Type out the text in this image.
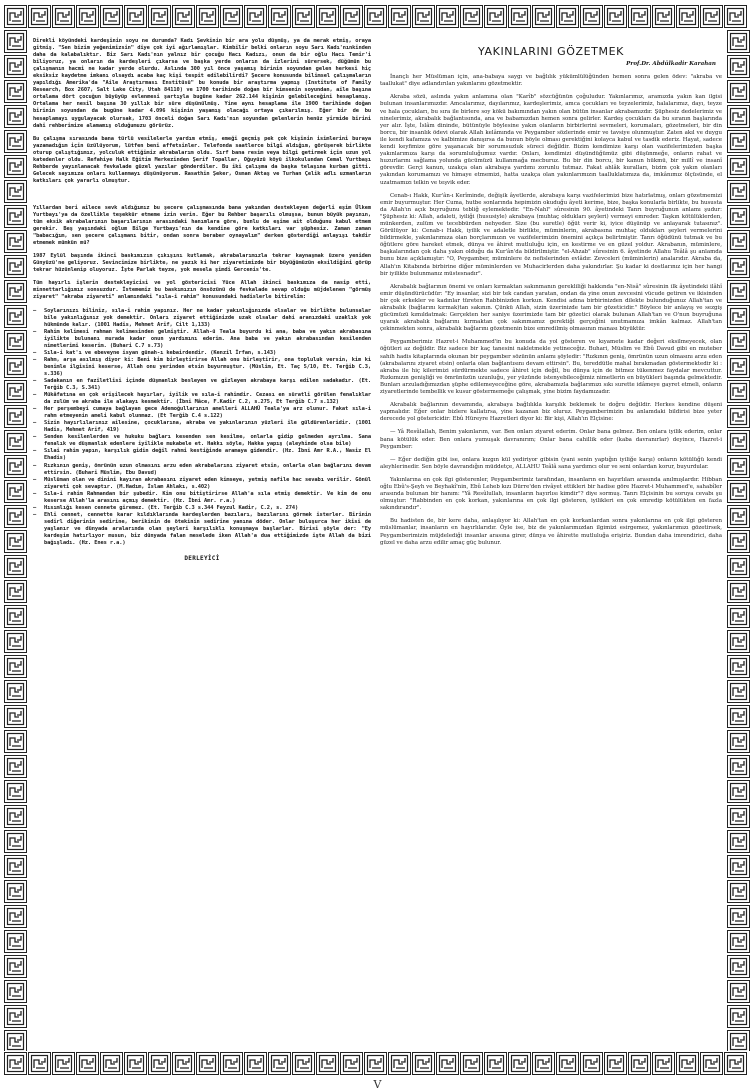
Direkli köyündeki kardeşinin soyu ne durumda? Kadı Şevkinin bir ara yolu düşmüş, ya da merak etmiş, oraya gitmiş. "Sen bizim yeğenimizsin" diye çok iyi ağırlamışlar. Kimbilir belki onların soyu Sarı Kadı'nınkinden daha da kalabalıktır. Biz Sarı Kadı'nın yalnız bir çocuğu Hacı Kadızı, onun da bir oğlu Hacı Temir'i biliyoruz, ya onların da kardeşleri çıkarsa ve başka yerde onların da izlerini sürersek, düğümün bu çalışmanın hacmi ne kadar yerde olurdu. Aslında 300 yıl önce yaşamış birinin soyundan gelen herkesi hiç eksiksiz kaydetme imkanı olsaydı acaba kaç kişi tespit edilebilirdi? Şecere konusunda bilimsel çalışmaların yapıldığı Amerika'da "Aile Araştırması Enstitüsü" bu konuda bir araştırma yapmış (Institute of Family Research, Box 2607, Salt Lake City, Utah 84110) ve 1700 tarihinde doğan bir kimsenin soyundan, aile başına ortalama dört çocuğun büyüyüp evlenmesi şartıyla bugüne kadar 262.144 kişinin gelebileceğini hesaplamış. Ortalama her nesil başına 30 yıllık bir süre düşünülmüş. Yine aynı hesaplama ile 1900 tarihinde doğan birinin soyundan da bugüne kadar 4.096 kişinin yaşamış olacağı ortaya çıkarılmış. Eğer bir de bu hesaplamayı uygulayacak olursak, 1703 önceli doğan Sarı Kadı'nın soyundan gelenlerin henüz yirmide birini dahi rehberimize alamamış olduğumuzu görürüz.

Bu çalışma sırasında bana türlü vesilelerle yardım etmiş, emeği geçmiş pek çok kişinin isimlerini buraya yazamadığım için üzülüyorum, lütfen beni affetsinler. Telefonda saatlerce bilgi aldığım, görüşerek birlikte oturup çalıştığımız, yolculuk ettiğimiz akrabalarım oldu. Sırf bana resim veya bilgi getirmek için uzun yol katedenler oldu. Refahiye Halk Eğitim Merkezinden Şerif Topallar, Oğuyüzü köyü ilkokulundan Cemal Yurtbaşı Rehberde yayınlanacak fevkalade güzel yazılar gönderdiler. Bu iki çalışma da başka telaşına kurban gitti. Gelecek sayımıza onları kullanmayı düşünüyorum. Rasathin Şeker, Osman Aktaş ve Turhan Çelik adlı uzmanların katkıları çok yararlı olmuştur.

Yıllardan beri ailece sevk aldığımız bu şecere çalışmasında bana yakından destekleyen değerli eşim Ülkem Yurtbayı'ya da özellikle teşekkür etmeme izin verin. Eğer bu Rehber başarılı olmuşsa, bunun büyük payının, tüm eksik akrabalarının başarılarının arasındaki hanımlara göre, bunlu de eşime ait olduğunu kabul etmem gerekir. Beş yaşındaki oğlum Bilge Yurtbayı'nın da kendine göre katkıları var şüphesiz. Zaman zaman "babacığım, sen şecere çalışmanı bitir, ondan sonra beraber oynayalım" derken gösterdiği anlayışı takdir etmemek mümkün mü?

1987 Eylül başında ikinci baskımızın çıkışını kutlamak, akrabalarımızla tekrar kaynaşmak üzere yeniden Günyüzü'ne geliyoruz. Sevincimize birlikte, ne yazık ki her ziyaretimizde bir büyüğümüzün eksildiğini görüp tekrar hüzünlenip oluyoruz. İşte Parlak teyze, yok mesela şimdi Gercenis'te.

Tüm hayırlı işlerin destekleyicisi ve yol göstericisi Yüce Allah ikinci baskımıza da nasip etti, minnettarlığımız sonsuzdur. İstememiz bu baskımızın önsözünü de fevkalade sevap olduğu müjdelenen "görmüş ziyaret" "akraba ziyareti" anlamındaki "sıla-i rahim" konusundaki hadislerle bitirelim:

— Soylarınızı biliniz, sıla-i rahim yapınız. Her ne kadar yakınlığınızda olsalar ve birlikte bulunsalar bile yakınlığınız yok demektir. Onları ziyaret ettiğinizde uzak olsalar dahi aranızdaki uzaklık yok hükmünde kalır. (1001 Hadis, Mehmet Arif, Cilt 1,133)
— Rahim kelimesi rahman kelimesinden gelmiştir. Allah-ü Teala buyurdu ki ana, baba ve yakın akrabasına iyilikte bulunanı murada kadar onun yardımını ederim. Ana baba ve yakın akrabasından kesilenden nimetlerimi keserim. (Buhari C.7 s.73)
— Sıla-i kat'ı ve ebeveyne isyan günah-ı kebairdendir. (Kenzil İrfan, s.143)
— Rahm, arşa asılmış diyor ki: Beni kim birleştirirse Allah onu birleştirir, ona topluluk versin, kim ki benimle ilgisini keserse, Allah onu yerinden etsin buyurmuştur. (Müslim, Et. Taç 5/10, Et. Terğib C.3, s.336)
— Sadakanın en faziletlisi içinde düşmanlık besleyen ve gizleyen akrabaya karşı edilen sadakadır. (Et. Terğib C.3, S.341)
— Mükâfatına en çok erişilecek hayırlar, iyilik ve sıla-i rahimdir. Cezası en süratli görülen fenalıklar da zulüm ve akraba ile alakayı kesmektir. (İbni Mâce, F.Kadir C.2, s.275, Et Terğib C.7 s.132)
— Her perşembeyi cumaya bağlayan gece Ademoğullarının amelleri ALLAHÜ Teala'ya arz olunur. Fakat sıla-i rahm etmeyenin ameli kabul olunmaz. (Et Terğib C.4 s.122)
— Sizin hayırlılarınız ailesine, çocuklarına, akraba ve yakınlarının yüzleri ile güldürenleridir. (1001 Hadis, Mehmet Arif, 419)
— Senden kesilenlerden ve hukuku bağları kesenden sen kesilme, onlarla gidip gelmeden ayrılma. Sana fenalık ve düşmanlık edenlere iyilikle mukabele et. Hakkı söyle, Hakka yapış (aleyhinde olsa bile)
— Sılai rahim yapın, karşılık gidin değil rahmi kestiğinde aramaya gidendir. (Hz. İbni Amr R.A., Nasiz El Ehadis)
— Rızkının geniş, ömrünün uzun olmasını arzu eden akrabalarını ziyaret etsin, onlarla olan bağlarını devam ettirsin. (Buhari Müslim, Ebu Davud)
— Müslüman olan ve dinini kayıran akrabasını ziyaret eden kimseye, yetmiş nafile hac sevabı verilir. Gönül ziyareti çok sevaptır. (M.Hadım, İslam Ahlakı, s.402)
— Sıla-i rahim Rahmandan bir şubedir. Kim onu bitiştirirse Allah'a sıla etmiş demektir. Ve kim de onu keserse Allah'la arasını açmış demektir. (Hz. İbni Amr. r.a.)
— Hısımlığı kesen cennete giremez. (Et. Terğib C.3 s.344 Feyzul Kadir, C.2, s. 274)
— Ehli cennet, cennette karar kıldıklarında kardeşlerden bazıları, bazılarını görmek isterler. Birinin sedirl diğerinin sedirine, berikinin de ötekinin sedirine yanına döder. Onlar buluşurca her ikisi de yaşlanır ve dünyada aralarında olan şeyleri karşılıklı konuşmaya başlarlar. Birisi şöyle der: "Ey kardeşim hatırlıyor musun, biz dünyada falan meselede iken Allah'a dua ettiğimizde işte Allah da bizi bağışladı. (Hz. Enes r.a.)
DERLEYİCİ
YAKINLARINI GÖZETMEK
Prof.Dr. Abdülkadir Karahan

İnançlı her Müslüman için, ana-babaya saygı ve bağlılık yükümlülüğünden hemen sonra gelen ödev: "akraba ve taallukat" diye adlandırılan yakınlarını gözetmektir.

Akraba sözü, aslında yakın anlamına olan "Karîb" sözcüğünün çoğuludur. Yakınlarımız, aramızda yakın kan ilgisi bulunan insanlarımızdır. Amcalarımız, dayılarımız, kardeşlerimiz, amca çocukları ve teyzelerimiz, halalarımız, dayı, teyze ve hala çocukları, bu sıra ile birlere soy kökü bakımından yakın olan bütün insanlar akrabamızdır. Şüphesiz dedelerimiz ve ninelerimiz, akrabalık bağlantısında, ana ve babamızdan hemen sonra gelirler. Kardeş çocukları da bu sıranın başlarında yer alır. İşte, İslâm dininde, bütünüyle böylesine yakın olanların birbirlerini sevmeleri, korumaları, gözetmeleri, bir din borcu, bir insanlık ödevi olarak Allah kelâmında ve Peygamber sözlerinde emir ve tavsiye olunmuştur. Zaten akıl ve duygu ile kendi kafamıza ve kalbimize danışırsa da bunun böyle olması gerektiğini kolayca kabul ve tasdik ederiz. Hayat, sadece kendi keyfimize göre yaşanacak bir sorumsuzluk süreci değildir. Bizim kendimize karşı olan vazifelerimizden başka yakınlarımıza karşı da sorumluluğumuz vardır. Onları, kendimizi düşündüğümüz gibi düşünmeğe, onların rahat ve huzurlarını sağlama yolunda gücümüzü kullanmağa mecburuz. Bu bir din borcu, bir kanun hükmü, bir millî ve insanî görevdir. Gerçi kanun, uzakça olan akrabaya yardımı zorunlu tutmaz. Fakat ahlâk kuralları, bizim çok yakın olanları yakından korumamızı ve himaye etmemizi, hatta uzakça olan yakınlarımızın taalluklatımıza da, imkânımız ölçüsünde, el uzatmamızı telkin ve teşvik eder.

Cenab-ı Hakk, Kur'ân-ı Kerîminde, değişik âyetlerde, akrabaya karşı vazifelerimizi bize hatırlatmış, onları gözetmemizi emir buyurmuştur. Her Cuma, hutbe sonlarında hepimizin okuduğu âyeti kerime, bize, başka konularla birlikte, bu hususta da Allah'ın açık buyruğunu tebliğ eylemektedir. "En-Nahl" sûresinin 90. âyetindeki Tanrı buyruğunun anlamı şudur: "Şüphesiz ki: Allah, adaleti, iyiliği (hususiyle) akrabaya (muhtaç oldukları şeyleri) vermeyi emreder. Taşkın kötülüklerden, münkerden, zulüm ve tecebbürden nehyeder. Size (bu suretle) öğüt verir ki, iyice düşünüp ve anlayarak tutasınız". Görülüyor ki: Cenab-ı Hakk, iyilik ve adaletle birlikte, müminlerin, akrabasına muhtaç oldukları şeyleri vermelerini bildirmekle, yakınlarımıza olan borçlarımızın ve vazifelerimizin önemini açıkça belirtmiştir. Tanrı öğüdünü tutmak ve bu öğütlere göre hareket etmek, dünya ve âhiret mutluluğu için, en kestirme ve en güzel yoldur. Akrabanın, müminlere, başkalarından çok daha yakın olduğu da Kur'ân'da bildirilmiştir. "el-Ahzab" sûresinin 6. âyetinde Allahu Teâlâ şu anlamda bunu bize açıklamıştır: "O, Peygamber, müminlere öz nefislerinden evlâdır. Zevceleri (müminlerin) analarıdır. Akraba da, Allah'ın Kitabında birbirine diğer müminlerden ve Muhacirlerden daha yakındırlar. Şu kadar ki dostlarınız için her hangi bir iyilikte bulunmanız müstesnadır".

Akrabalık bağlarının önemi ve onları kırmaktan sakınmanın gerekliliği hakkında "en-Nisâ" sûresinin ilk âyetindeki ilâhî emir düşündürücüdür: "Ey insanlar, sizi bir tek candan yaratan, ondan da yine onun zevcesini vücude getiren ve ikisinden bir çok erkekler ve kadınlar türeten Rabbinizden korkun. Kendisi adına birbirinizden dilekte bulunduğunuz Allah'tan ve akrabalık (bağlarını kırmak)tan sakının. Çünkü Allah, sizin üzerinizde tam bir gözeticidir." Böylece bir anlayış ve sezgiş gücümüzü kımıldatmak: Gerçekten her saniye üzerimizde tam bir gözetici olarak bulunan Allah'tan ve O'nun buyruğuna uyarak akrabalık bağlarını kırmaktan çok sakınmamız gerektiği gerçeğini unutmamıza imkân kalmaz. Allah'tan çekinmekten sonra, akrabalık bağlarını gözetmenin bize emredilmiş olmasının manası büyüktür.

Peygamberimiz Hazret-i Muhammed'in bu konuda da yol gösteren ve kıyamete kadar değeri eksilmeyecek, olan öğütleri az değildir. Biz sadece bir kaç tanesini nakletmekle yetineceğiz. Buhari, Müslim ve Ebû Davud gibi en muteber sahih hadis kitaplarında okunan bir peygamber sözünün anlamı şöyledir: "Rızkının geniş, ömrünün uzun olmasını arzu eden (akrabalarını ziyaret etsin) onlarla olan bağlantısını devam ettirsin". Bu, tereddütle mahal bırakmadan göstermektedir ki : akraba ile hiç kilerimizi sürdürmekte sadece âhiret için değil, bu dünya için de bitmez tükenmez faydalar mevcuttur. Rızkımızın genişliği ve ömrünüzün uzunluğu, yer yüzünde istenyebileceğimiz nimetlerin en büyükleri başında gelmektedir. Bunları arzuladığımızdan şüphe edilemeyeceğine göre, akrabamızla bağlarımızı sıkı surette idâmeye gayret etmeli, onların ziyaretlerinde tembellik ve kusur göstermemeğe çalışmak, yine bizim faydamızadır.

Akrabalık bağlarının devamında, akrabaya bağlılıkla karşılık beklemek te doğru değildir. Herkes kendine düşeni yapmalıdır. Eğer onlar bizlere kallatırsa, yine kazanan biz oluruz. Peygamberimizin bu anlamdaki bildirisi bize yeter derecede yol göstericidir: Ebû Hüreyre Hazretleri diyor ki: Bir kişi, Allah'ın Elçisine:

— Yâ Resûlallah, Benim yakınlarım, var. Ben onları ziyaret ederim. Onlar bana gelmez. Ben onlara iyilik ederim, onlar bana kötülük eder. Ben onlara yumuşak davranırım; Onlar bana cahillik eder (kaba davranırlar) deyince, Hazret-i Peygamber:

— Eğer dediğin gibi ise, onlara kızgın kül yediriyor gibisin (yani senin yaptığın iyiliğe karşı) onların kötülüğü kendi aleyhlerinedir. Sen böyle davrandığın müddetçe, ALLAHU Teâlâ sana yardımcı olur ve seni onlardan korur, buyurdular.

Yakınlarına en çok ilgi gösterenler, Peygamberimiz tarafından, insanların en hayırlıları arasında anılmışlardır. Hibban oğlu Ebû's-Şeyh ve Beyhakî'nin, Ebû Leheb kızı Dürre'den rivâyet ettikleri bir hadise göre Hazret-i Muhammed'e, sahabîler arasında bulunan bir hanım: "Yâ Resûlullah, insanların hayırlısı kimdir"? diye sormuş. Tanrı Elçisinin bu soruya cevabı şu olmuştur: "Rabbinden en çok korkan, yakınlarına en çok ilgi gösteren, iyilikleri en çok emredip kötülükten en fazla sakındırandır".

Bu hadisten de, bir kere daha, anlaşılıyor ki: Allah'tan en çok korkanlardan sonra yakınlarına en çok ilgi gösteren müslümanlar, insanların en hayırlılarıdır. Öyle ise, biz de yakınlarımızdan ilgimizi esirgemez, yakınlarımızı gözetirsek, Peygamberimizin müjdelediği insanlar arasına girer, dünya ve âhirette mutluluğa erişiriz. Bundan daha imrendirici, daha güzel ve daha arzu edilir amaç güç bulunur.

V
